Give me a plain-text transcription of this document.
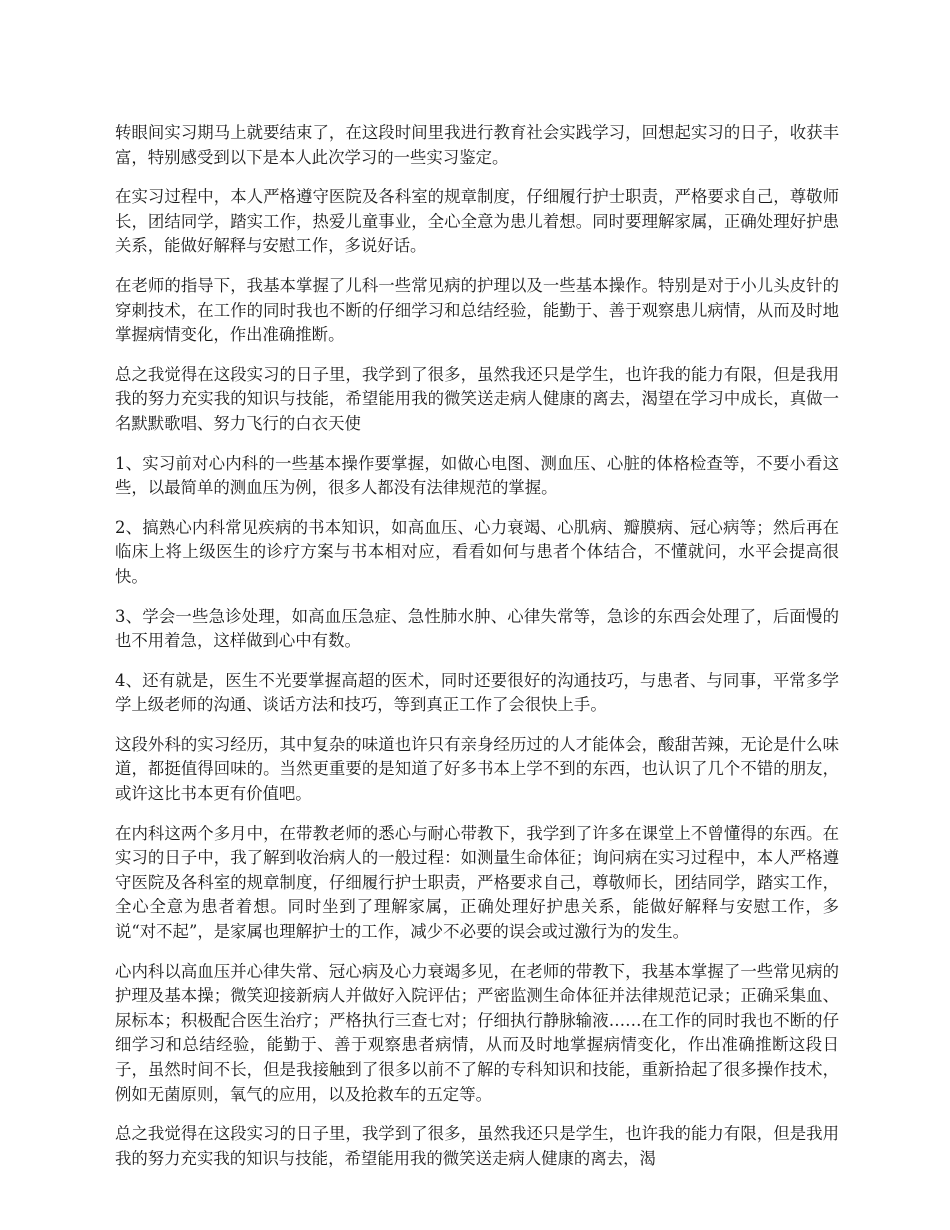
转眼间实习期马上就要结束了，在这段时间里我进行教育社会实践学习，回想起实习的日子，收获丰富，特别感受到以下是本人此次学习的一些实习鉴定。

在实习过程中，本人严格遵守医院及各科室的规章制度，仔细履行护士职责，严格要求自己，尊敬师长，团结同学，踏实工作，热爱儿童事业，全心全意为患儿着想。同时要理解家属，正确处理好护患关系，能做好解释与安慰工作，多说好话。

在老师的指导下，我基本掌握了儿科一些常见病的护理以及一些基本操作。特别是对于小儿头皮针的穿刺技术，在工作的同时我也不断的仔细学习和总结经验，能勤于、善于观察患儿病情，从而及时地掌握病情变化，作出准确推断。

总之我觉得在这段实习的日子里，我学到了很多，虽然我还只是学生，也许我的能力有限，但是我用我的努力充实我的知识与技能，希望能用我的微笑送走病人健康的离去，渴望在学习中成长，真做一名默默歌唱、努力飞行的白衣天使

1、实习前对心内科的一些基本操作要掌握，如做心电图、测血压、心脏的体格检查等，不要小看这些，以最简单的测血压为例，很多人都没有法律规范的掌握。

2、搞熟心内科常见疾病的书本知识，如高血压、心力衰竭、心肌病、瓣膜病、冠心病等；然后再在临床上将上级医生的诊疗方案与书本相对应，看看如何与患者个体结合，不懂就问，水平会提高很快。

3、学会一些急诊处理，如高血压急症、急性肺水肿、心律失常等，急诊的东西会处理了，后面慢的也不用着急，这样做到心中有数。

4、还有就是，医生不光要掌握高超的医术，同时还要很好的沟通技巧，与患者、与同事，平常多学学上级老师的沟通、谈话方法和技巧，等到真正工作了会很快上手。

这段外科的实习经历，其中复杂的味道也许只有亲身经历过的人才能体会，酸甜苦辣，无论是什么味道，都挺值得回味的。当然更重要的是知道了好多书本上学不到的东西，也认识了几个不错的朋友，或许这比书本更有价值吧。

在内科这两个多月中，在带教老师的悉心与耐心带教下，我学到了许多在课堂上不曾懂得的东西。在实习的日子中，我了解到收治病人的一般过程：如测量生命体征；询问病在实习过程中，本人严格遵守医院及各科室的规章制度，仔细履行护士职责，严格要求自己，尊敬师长，团结同学，踏实工作，全心全意为患者着想。同时坐到了理解家属，正确处理好护患关系，能做好解释与安慰工作，多说“对不起”，是家属也理解护士的工作，减少不必要的误会或过激行为的发生。

心内科以高血压并心律失常、冠心病及心力衰竭多见，在老师的带教下，我基本掌握了一些常见病的护理及基本操；微笑迎接新病人并做好入院评估；严密监测生命体征并法律规范记录；正确采集血、尿标本；积极配合医生治疗；严格执行三查七对；仔细执行静脉输液……在工作的同时我也不断的仔细学习和总结经验，能勤于、善于观察患者病情，从而及时地掌握病情变化，作出准确推断这段日子，虽然时间不长，但是我接触到了很多以前不了解的专科知识和技能，重新拾起了很多操作技术，例如无菌原则，氧气的应用，以及抢救车的五定等。

总之我觉得在这段实习的日子里，我学到了很多，虽然我还只是学生，也许我的能力有限，但是我用我的努力充实我的知识与技能，希望能用我的微笑送走病人健康的离去，渴
